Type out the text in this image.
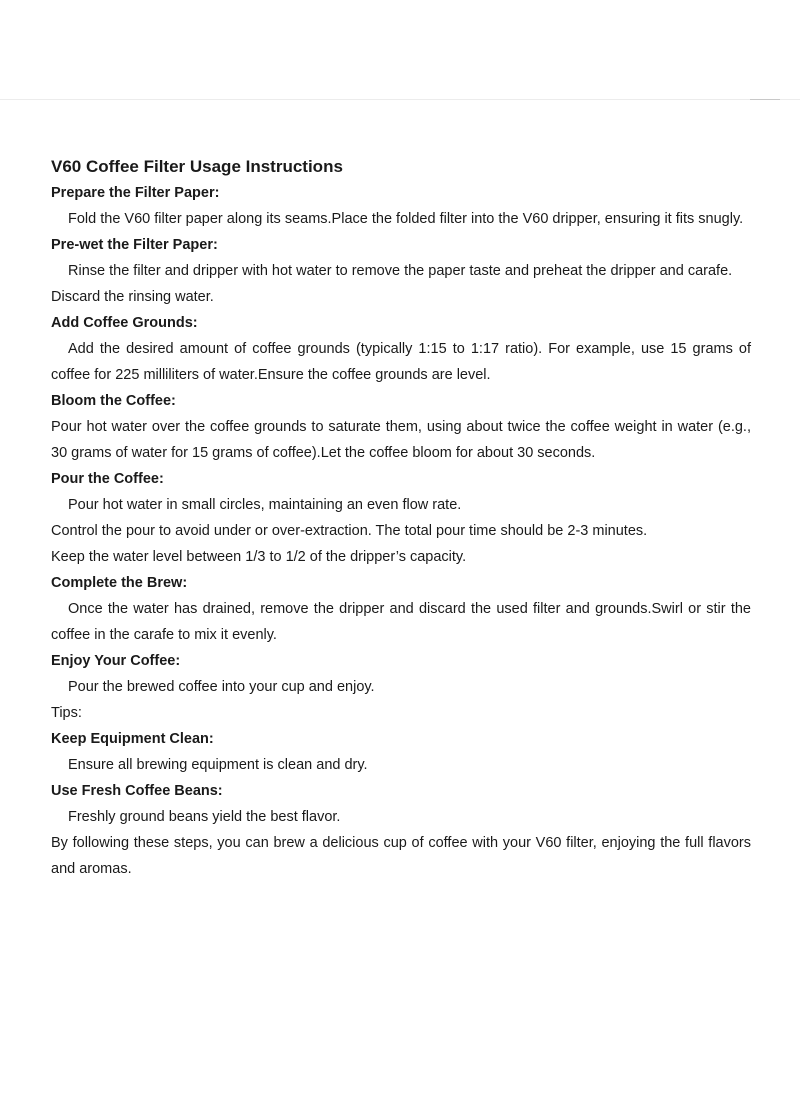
V60 Coffee Filter Usage Instructions

Prepare the Filter Paper:

Fold the V60 filter paper along its seams.Place the folded filter into the V60 dripper, ensuring it fits snugly.

Pre-wet the Filter Paper:

Rinse the filter and dripper with hot water to remove the paper taste and preheat the dripper and carafe.

Discard the rinsing water.

Add Coffee Grounds:

Add the desired amount of coffee grounds (typically 1:15 to 1:17 ratio). For example, use 15 grams of coffee for 225 milliliters of water.Ensure the coffee grounds are level.

Bloom the Coffee:

Pour hot water over the coffee grounds to saturate them, using about twice the coffee weight in water (e.g., 30 grams of water for 15 grams of coffee).Let the coffee bloom for about 30 seconds.

Pour the Coffee:

Pour hot water in small circles, maintaining an even flow rate.

Control the pour to avoid under or over-extraction. The total pour time should be 2-3 minutes.

Keep the water level between 1/3 to 1/2 of the dripper’s capacity.

Complete the Brew:

Once the water has drained, remove the dripper and discard the used filter and grounds.Swirl or stir the coffee in the carafe to mix it evenly.

Enjoy Your Coffee:

Pour the brewed coffee into your cup and enjoy.

Tips:

Keep Equipment Clean:

Ensure all brewing equipment is clean and dry.

Use Fresh Coffee Beans:

Freshly ground beans yield the best flavor.

By following these steps, you can brew a delicious cup of coffee with your V60 filter, enjoying the full flavors and aromas.
